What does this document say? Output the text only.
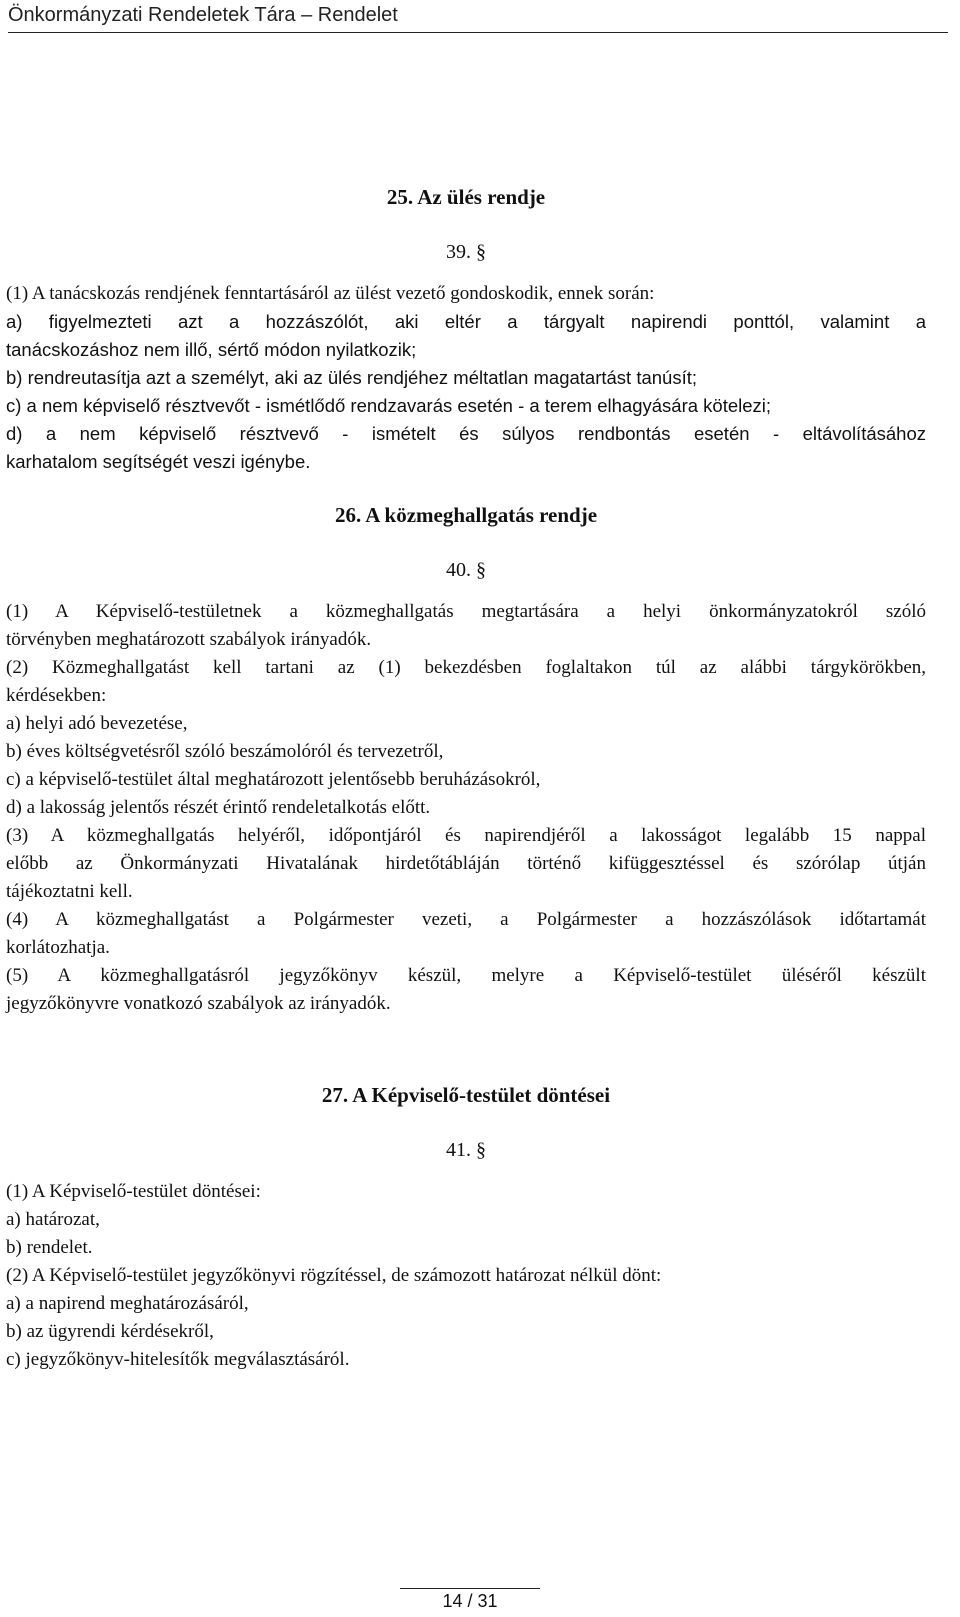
Önkormányzati Rendeletek Tára – Rendelet
25. Az ülés rendje
39. §

(1) A tanácskozás rendjének fenntartásáról az ülést vezető gondoskodik, ennek során:

a) figyelmezteti azt a hozzászólót, aki eltér a tárgyalt napirendi ponttól, valamint a

tanácskozáshoz nem illő, sértő módon nyilatkozik;

b) rendreutasítja azt a személyt, aki az ülés rendjéhez méltatlan magatartást tanúsít;

c) a nem képviselő résztvevőt - ismétlődő rendzavarás esetén - a terem elhagyására kötelezi;

d) a nem képviselő résztvevő - ismételt és súlyos rendbontás esetén - eltávolításához

karhatalom segítségét veszi igénybe.

26. A közmeghallgatás rendje
40. §

(1) A Képviselő-testületnek a közmeghallgatás megtartására a helyi önkormányzatokról szóló

törvényben meghatározott szabályok irányadók.

(2) Közmeghallgatást kell tartani az (1) bekezdésben foglaltakon túl az alábbi tárgykörökben,

kérdésekben:

a) helyi adó bevezetése,

b) éves költségvetésről szóló beszámolóról és tervezetről,

c) a képviselő-testület által meghatározott jelentősebb beruházásokról,

d) a lakosság jelentős részét érintő rendeletalkotás előtt.

(3) A közmeghallgatás helyéről, időpontjáról és napirendjéről a lakosságot legalább 15 nappal

előbb az Önkormányzati Hivatalának hirdetőtábláján történő kifüggesztéssel és szórólap útján

tájékoztatni kell.

(4) A közmeghallgatást a Polgármester vezeti, a Polgármester a hozzászólások időtartamát

korlátozhatja.

(5) A közmeghallgatásról jegyzőkönyv készül, melyre a Képviselő-testület üléséről készült

jegyzőkönyvre vonatkozó szabályok az irányadók.

27. A Képviselő-testület döntései
41. §

(1) A Képviselő-testület döntései:

a) határozat,

b) rendelet.

(2) A Képviselő-testület jegyzőkönyvi rögzítéssel, de számozott határozat nélkül dönt:

a) a napirend meghatározásáról,

b) az ügyrendi kérdésekről,

c) jegyzőkönyv-hitelesítők megválasztásáról.

14 / 31
